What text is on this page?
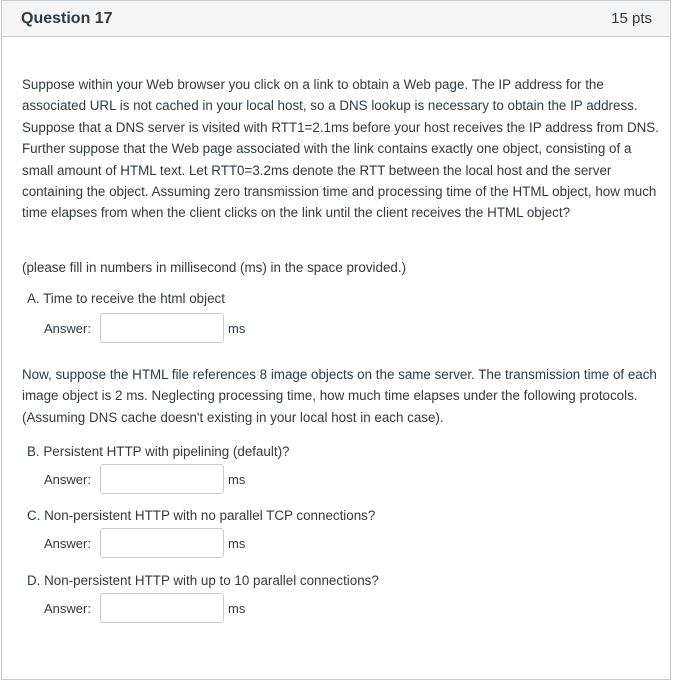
Question 17	15 pts

Suppose within your Web browser you click on a link to obtain a Web page. The IP address for the associated URL is not cached in your local host, so a DNS lookup is necessary to obtain the IP address. Suppose that a DNS server is visited with RTT1=2.1ms before your host receives the IP address from DNS. Further suppose that the Web page associated with the link contains exactly one object, consisting of a small amount of HTML text. Let RTT0=3.2ms denote the RTT between the local host and the server containing the object. Assuming zero transmission time and processing time of the HTML object, how much time elapses from when the client clicks on the link until the client receives the HTML object?

(please fill in numbers in millisecond (ms) in the space provided.)

A. Time to receive the html object
Answer:	ms

Now, suppose the HTML file references 8 image objects on the same server. The transmission time of each image object is 2 ms. Neglecting processing time, how much time elapses under the following protocols. (Assuming DNS cache doesn't existing in your local host in each case).

B. Persistent HTTP with pipelining (default)?
Answer:	ms
C. Non-persistent HTTP with no parallel TCP connections?
Answer:	ms
D. Non-persistent HTTP with up to 10 parallel connections?
Answer:	ms
